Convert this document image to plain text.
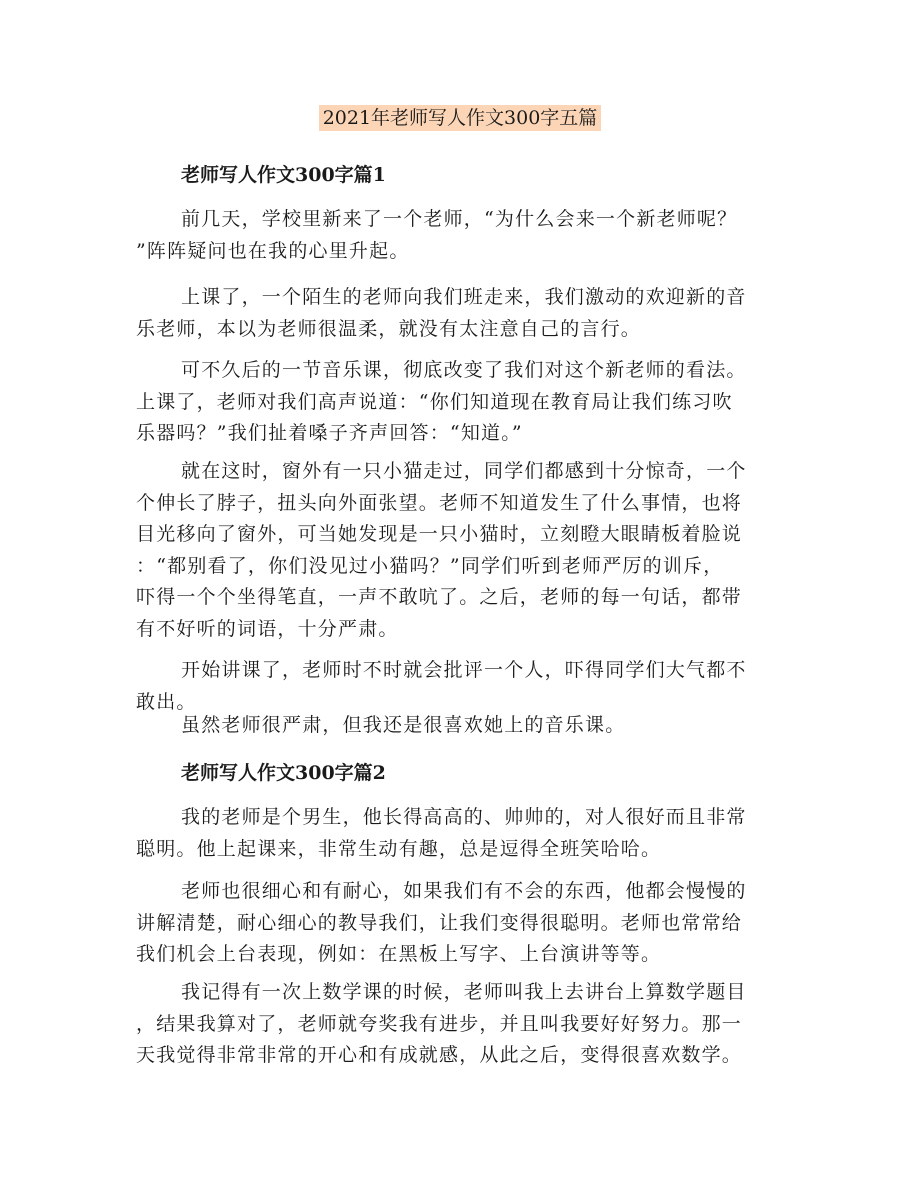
2021年老师写人作文300字五篇
老师写人作文300字篇1
前几天，学校里新来了一个老师，“为什么会来一个新老师呢？
”阵阵疑问也在我的心里升起。
上课了，一个陌生的老师向我们班走来，我们激动的欢迎新的音
乐老师，本以为老师很温柔，就没有太注意自己的言行。
可不久后的一节音乐课，彻底改变了我们对这个新老师的看法。
上课了，老师对我们高声说道：“你们知道现在教育局让我们练习吹
乐器吗？”我们扯着嗓子齐声回答：“知道。”
就在这时，窗外有一只小猫走过，同学们都感到十分惊奇，一个
个伸长了脖子，扭头向外面张望。老师不知道发生了什么事情，也将
目光移向了窗外，可当她发现是一只小猫时，立刻瞪大眼睛板着脸说
：“都别看了，你们没见过小猫吗？”同学们听到老师严厉的训斥，
吓得一个个坐得笔直，一声不敢吭了。之后，老师的每一句话，都带
有不好听的词语，十分严肃。
开始讲课了，老师时不时就会批评一个人，吓得同学们大气都不
敢出。
虽然老师很严肃，但我还是很喜欢她上的音乐课。
老师写人作文300字篇2
我的老师是个男生，他长得高高的、帅帅的，对人很好而且非常
聪明。他上起课来，非常生动有趣，总是逗得全班笑哈哈。
老师也很细心和有耐心，如果我们有不会的东西，他都会慢慢的
讲解清楚，耐心细心的教导我们，让我们变得很聪明。老师也常常给
我们机会上台表现，例如：在黑板上写字、上台演讲等等。
我记得有一次上数学课的时候，老师叫我上去讲台上算数学题目
，结果我算对了，老师就夸奖我有进步，并且叫我要好好努力。那一
天我觉得非常非常的开心和有成就感，从此之后，变得很喜欢数学。
